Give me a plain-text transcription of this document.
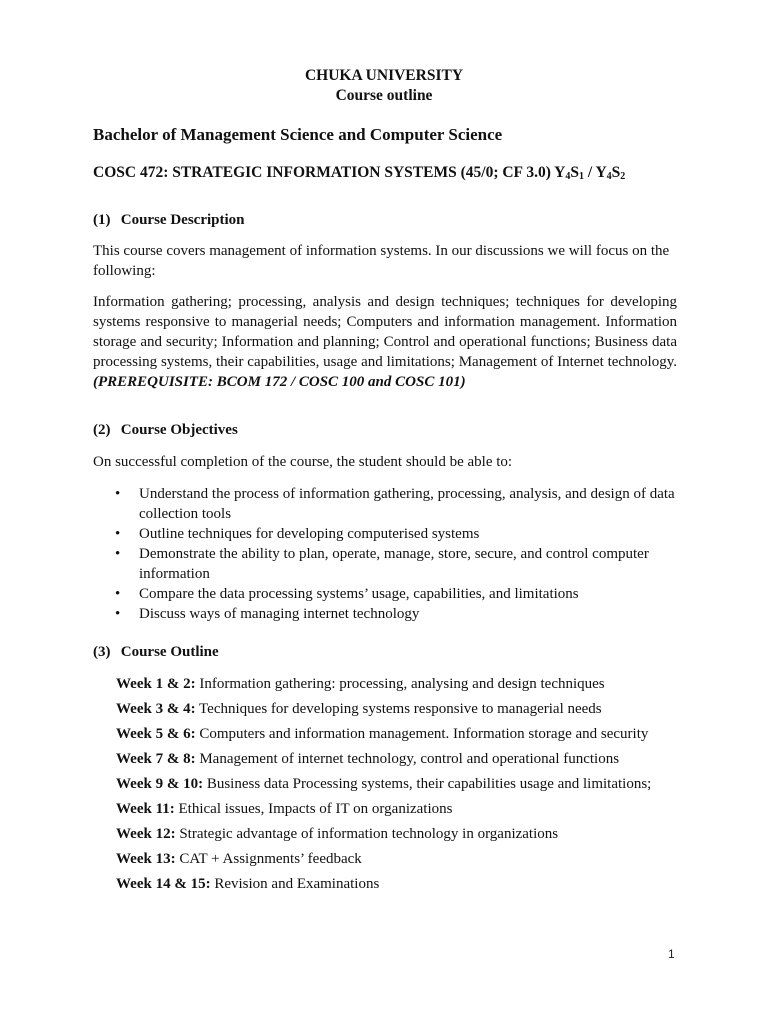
CHUKA UNIVERSITY
Course outline
Bachelor of Management Science and Computer Science
COSC 472: STRATEGIC INFORMATION SYSTEMS (45/0; CF 3.0) $Y_4S_1 / Y_4S_2$
(1) Course Description
This course covers management of information systems. In our discussions we will focus on the following:
Information gathering; processing, analysis and design techniques; techniques for developing systems responsive to managerial needs; Computers and information management. Information storage and security; Information and planning; Control and operational functions; Business data processing systems, their capabilities, usage and limitations; Management of Internet technology. (PREREQUISITE: BCOM 172 / COSC 100 and COSC 101)
(2) Course Objectives
On successful completion of the course, the student should be able to:
• Understand the process of information gathering, processing, analysis, and design of data collection tools
• Outline techniques for developing computerised systems
• Demonstrate the ability to plan, operate, manage, store, secure, and control computer information
• Compare the data processing systems’ usage, capabilities, and limitations
• Discuss ways of managing internet technology
(3) Course Outline
Week 1 & 2: Information gathering: processing, analysing and design techniques
Week 3 & 4: Techniques for developing systems responsive to managerial needs
Week 5 & 6: Computers and information management. Information storage and security
Week 7 & 8: Management of internet technology, control and operational functions
Week 9 & 10: Business data Processing systems, their capabilities usage and limitations;
Week 11: Ethical issues, Impacts of IT on organizations
Week 12: Strategic advantage of information technology in organizations
Week 13: CAT + Assignments’ feedback
Week 14 & 15: Revision and Examinations
1
